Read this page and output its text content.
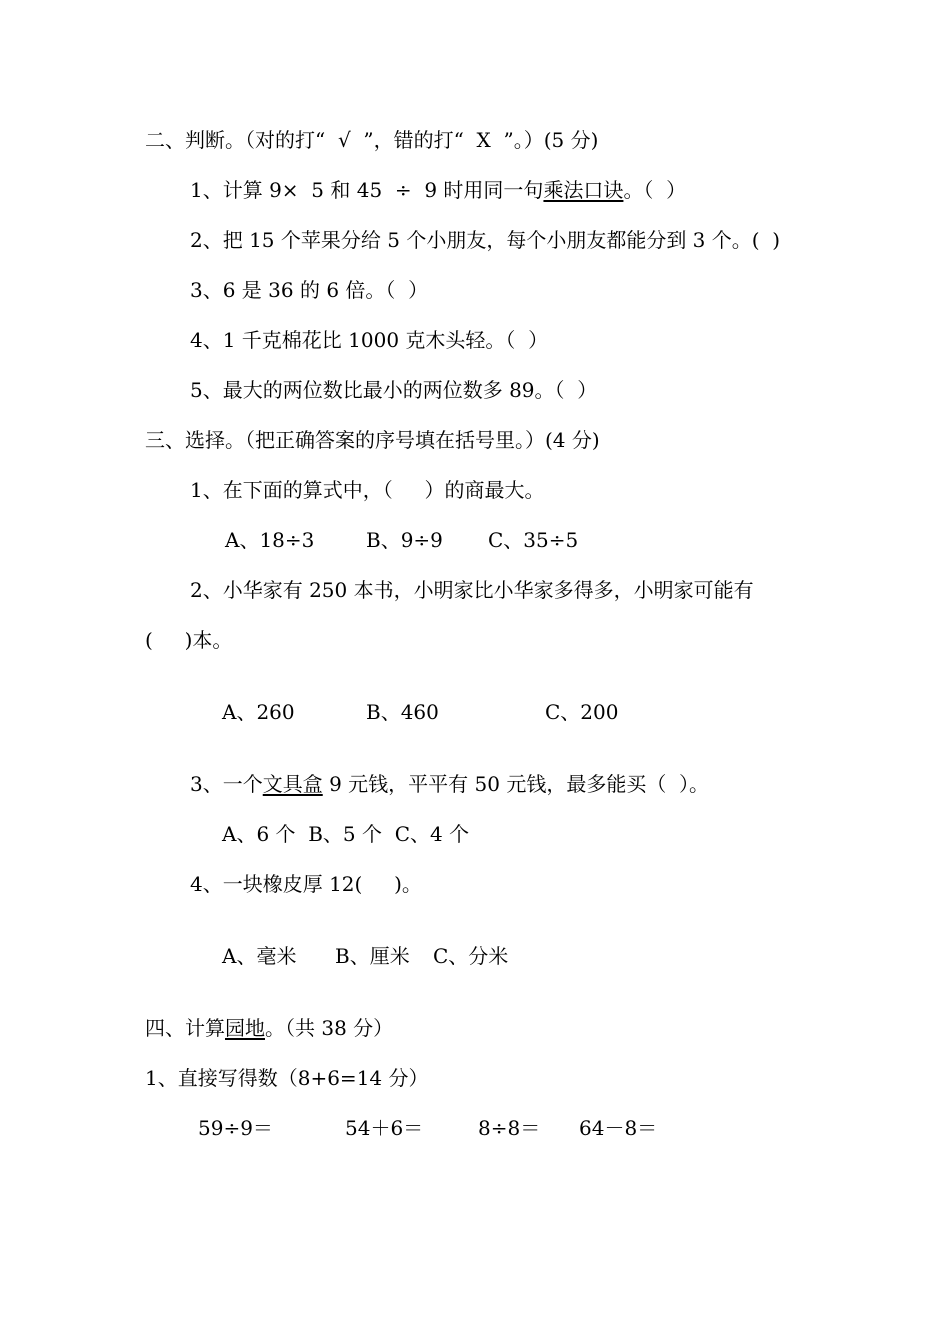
二、判断。（对的打“  √  ”，错的打“  X  ”。）(5 分)
1、计算 9×  5 和 45  ÷  9 时用同一句乘法口诀。（  ）
2、把 15 个苹果分给 5 个小朋友，每个小朋友都能分到 3 个。(  )
3、6 是 36 的 6 倍。（  ）
4、1 千克棉花比 1000 克木头轻。（  ）
5、最大的两位数比最小的两位数多 89。（  ）
三、选择。（把正确答案的序号填在括号里。）(4 分)
1、在下面的算式中，（     ）的商最大。
A、18÷3	B、9÷9 C、35÷5
2、小华家有 250 本书，小明家比小华家多得多，小明家可能有
(     )本。
A、260	B、460	C、200
3、一个文具盒 9 元钱，平平有 50 元钱，最多能买（  ）。
A、6 个  B、5 个  C、4 个
4、一块橡皮厚 12(     )。
A、毫米 B、厘米 C、分米
四、计算园地。（共 38 分）
1、直接写得数（8+6=14 分）
59÷9＝	54＋6＝	8÷8＝ 64－8＝
